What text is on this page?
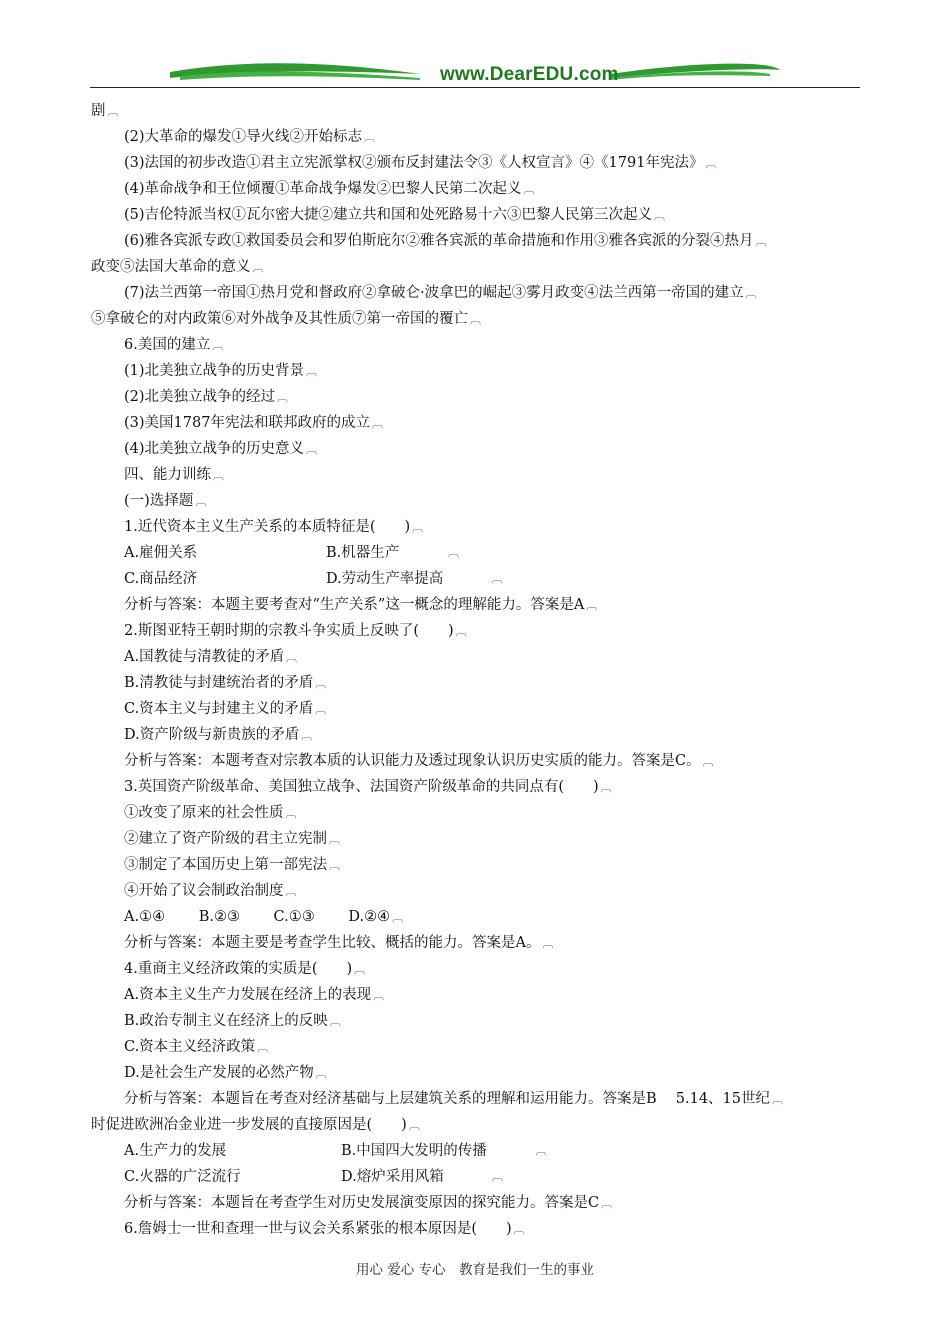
www.DearEDU.com
剧 ︹
(2)大革命的爆发①导火线②开始标志 ︹
(3)法国的初步改造①君主立宪派掌权②颁布反封建法令③《人权宣言》④《1791年宪法》 ︹
(4)革命战争和王位倾覆①革命战争爆发②巴黎人民第二次起义 ︹
(5)吉伦特派当权①瓦尔密大捷②建立共和国和处死路易十六③巴黎人民第三次起义 ︹
(6)雅各宾派专政①救国委员会和罗伯斯庇尔②雅各宾派的革命措施和作用③雅各宾派的分裂④热月 ︹
政变⑤法国大革命的意义 ︹
(7)法兰西第一帝国①热月党和督政府②拿破仑·波拿巴的崛起③雾月政变④法兰西第一帝国的建立 ︹
⑤拿破仑的对内政策⑥对外战争及其性质⑦第一帝国的覆亡 ︹
6.美国的建立 ︹
(1)北美独立战争的历史背景 ︹
(2)北美独立战争的经过 ︹
(3)美国1787年宪法和联邦政府的成立 ︹
(4)北美独立战争的历史意义 ︹
四、能力训练 ︹
(一)选择题 ︹
1.近代资本主义生产关系的本质特征是(　　) ︹
A.雇佣关系	B.机器生产	︹
C.商品经济	D.劳动生产率提高	︹
分析与答案：本题主要考查对“生产关系”这一概念的理解能力。答案是A ︹
2.斯图亚特王朝时期的宗教斗争实质上反映了(　　) ︹
A.国教徒与清教徒的矛盾 ︹
B.清教徒与封建统治者的矛盾 ︹
C.资本主义与封建主义的矛盾 ︹
D.资产阶级与新贵族的矛盾 ︹
分析与答案：本题考查对宗教本质的认识能力及透过现象认识历史实质的能力。答案是C。 ︹
3.英国资产阶级革命、美国独立战争、法国资产阶级革命的共同点有(　　) ︹
①改变了原来的社会性质 ︹
②建立了资产阶级的君主立宪制 ︹
③制定了本国历史上第一部宪法 ︹
④开始了议会制政治制度 ︹
A.①④　　 B.②③　　 C.①③　　 D.②④ ︹
分析与答案：本题主要是考查学生比较、概括的能力。答案是A。 ︹
4.重商主义经济政策的实质是(　　) ︹
A.资本主义生产力发展在经济上的表现 ︹
B.政治专制主义在经济上的反映 ︹
C.资本主义经济政策 ︹
D.是社会生产发展的必然产物 ︹
分析与答案：本题旨在考查对经济基础与上层建筑关系的理解和运用能力。答案是B　 5.14、15世纪 ︹
时促进欧洲冶金业进一步发展的直接原因是(　　) ︹
A.生产力的发展	B.中国四大发明的传播	︹
C.火器的广泛流行	D.熔炉采用风箱	︹
分析与答案：本题旨在考查学生对历史发展演变原因的探究能力。答案是C ︹
6.詹姆士一世和查理一世与议会关系紧张的根本原因是(　　) ︹
用心 爱心 专心　教育是我们一生的事业
